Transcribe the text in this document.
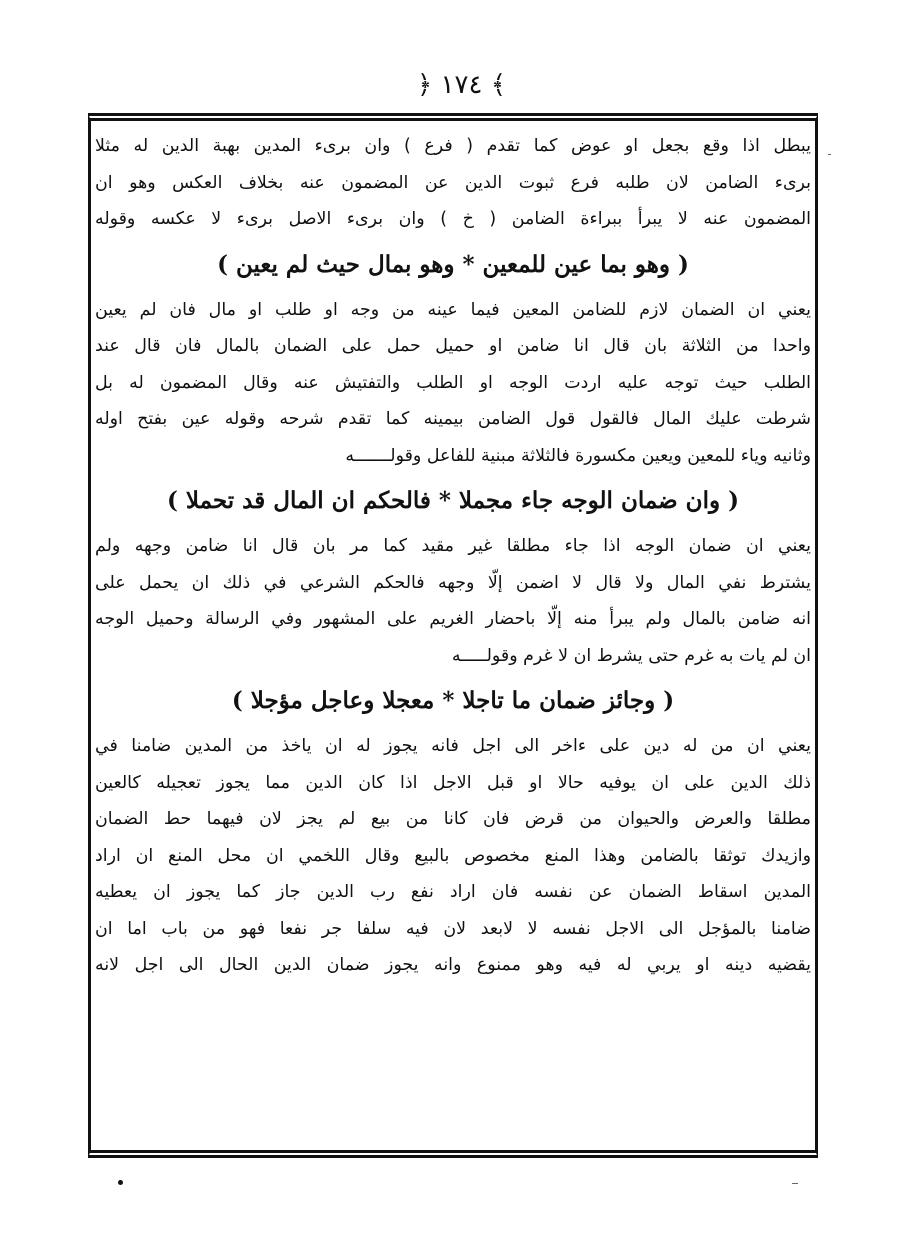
﴿ ١٧٤ ﴾
يبطل اذا وقع بجعل او عوض كما تقدم ( فرع ) وان برىء المدين بهبة الدين له مثلا
برىء الضامن لان طلبه فرع ثبوت الدين عن المضمون عنه بخلاف العكس وهو ان
المضمون عنه لا يبرأ ببراءة الضامن ( خ ) وان برىء الاصل برىء لا عكسه وقوله
( وهو بما عين للمعين * وهو بمال حيث لم يعين )
يعني ان الضمان لازم للضامن المعين فيما عينه من وجه او طلب او مال فان لم يعين
واحدا من الثلاثة بان قال انا ضامن او حميل حمل على الضمان بالمال فان قال عند
الطلب حيث توجه عليه اردت الوجه او الطلب والتفتيش عنه وقال المضمون له بل
شرطت عليك المال فالقول قول الضامن بيمينه كما تقدم شرحه وقوله عين بفتح اوله
وثانيه وياء للمعين ويعين مكسورة فالثلاثة مبنية للفاعل وقولـــــــه
( وان ضمان الوجه جاء مجملا * فالحكم ان المال قد تحملا )
يعني ان ضمان الوجه اذا جاء مطلقا غير مقيد كما مر بان قال انا ضامن وجهه ولم
يشترط نفي المال ولا قال لا اضمن إلّا وجهه فالحكم الشرعي في ذلك ان يحمل على
انه ضامن بالمال ولم يبرأ منه إلّا باحضار الغريم على المشهور وفي الرسالة وحميل الوجه
ان لم يات به غرم حتى يشرط ان لا غرم وقولـــــه
( وجائز ضمان ما تاجلا * معجلا وعاجل مؤجلا )
يعني ان من له دين على ءاخر الى اجل فانه يجوز له ان ياخذ من المدين ضامنا في
ذلك الدين على ان يوفيه حالا او قبل الاجل اذا كان الدين مما يجوز تعجيله كالعين
مطلقا والعرض والحيوان من قرض فان كانا من بيع لم يجز لان فيهما حط الضمان
وازيدك توثقا بالضامن وهذا المنع مخصوص بالبيع وقال اللخمي ان محل المنع ان اراد
المدين اسقاط الضمان عن نفسه فان اراد نفع رب الدين جاز كما يجوز ان يعطيه
ضامنا بالمؤجل الى الاجل نفسه لا لابعد لان فيه سلفا جر نفعا فهو من باب اما ان
يقضيه دينه او يربي له فيه وهو ممنوع وانه يجوز ضمان الدين الحال الى اجل لانه
